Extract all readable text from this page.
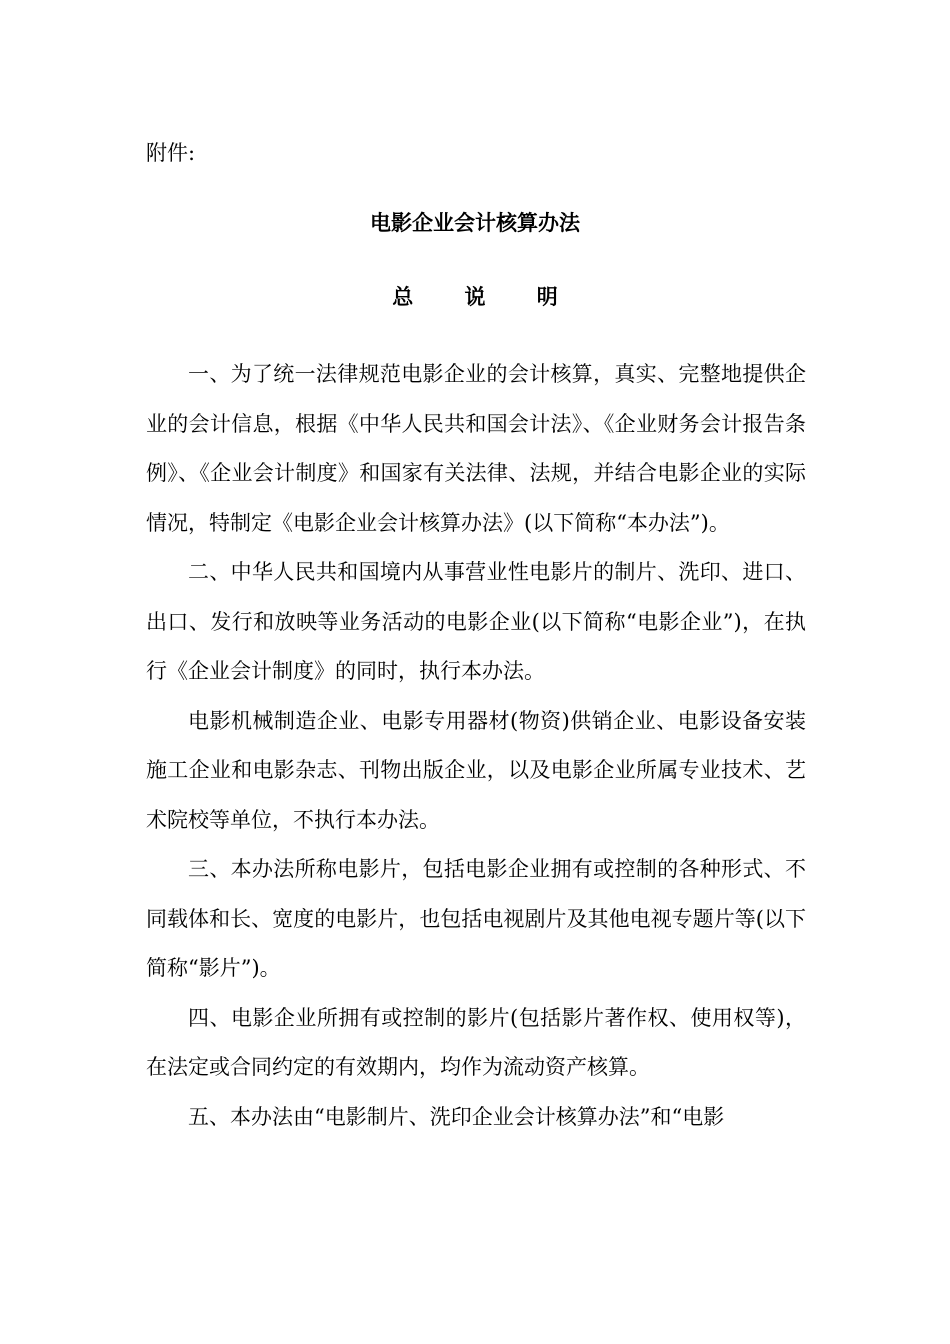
附件:

电影企业会计核算办法
总 说 明

一、为了统一法律规范电影企业的会计核算，真实、完整地提供企业的会计信息，根据《中华人民共和国会计法》、《企业财务会计报告条例》、《企业会计制度》和国家有关法律、法规，并结合电影企业的实际情况，特制定《电影企业会计核算办法》(以下简称“本办法”)。

二、中华人民共和国境内从事营业性电影片的制片、洗印、进口、出口、发行和放映等业务活动的电影企业(以下简称“电影企业”)，在执行《企业会计制度》的同时，执行本办法。

电影机械制造企业、电影专用器材(物资)供销企业、电影设备安装施工企业和电影杂志、刊物出版企业，以及电影企业所属专业技术、艺术院校等单位，不执行本办法。

三、本办法所称电影片，包括电影企业拥有或控制的各种形式、不同载体和长、宽度的电影片，也包括电视剧片及其他电视专题片等(以下简称“影片”)。

四、电影企业所拥有或控制的影片(包括影片著作权、使用权等)，在法定或合同约定的有效期内，均作为流动资产核算。

五、本办法由“电影制片、洗印企业会计核算办法”和“电影
